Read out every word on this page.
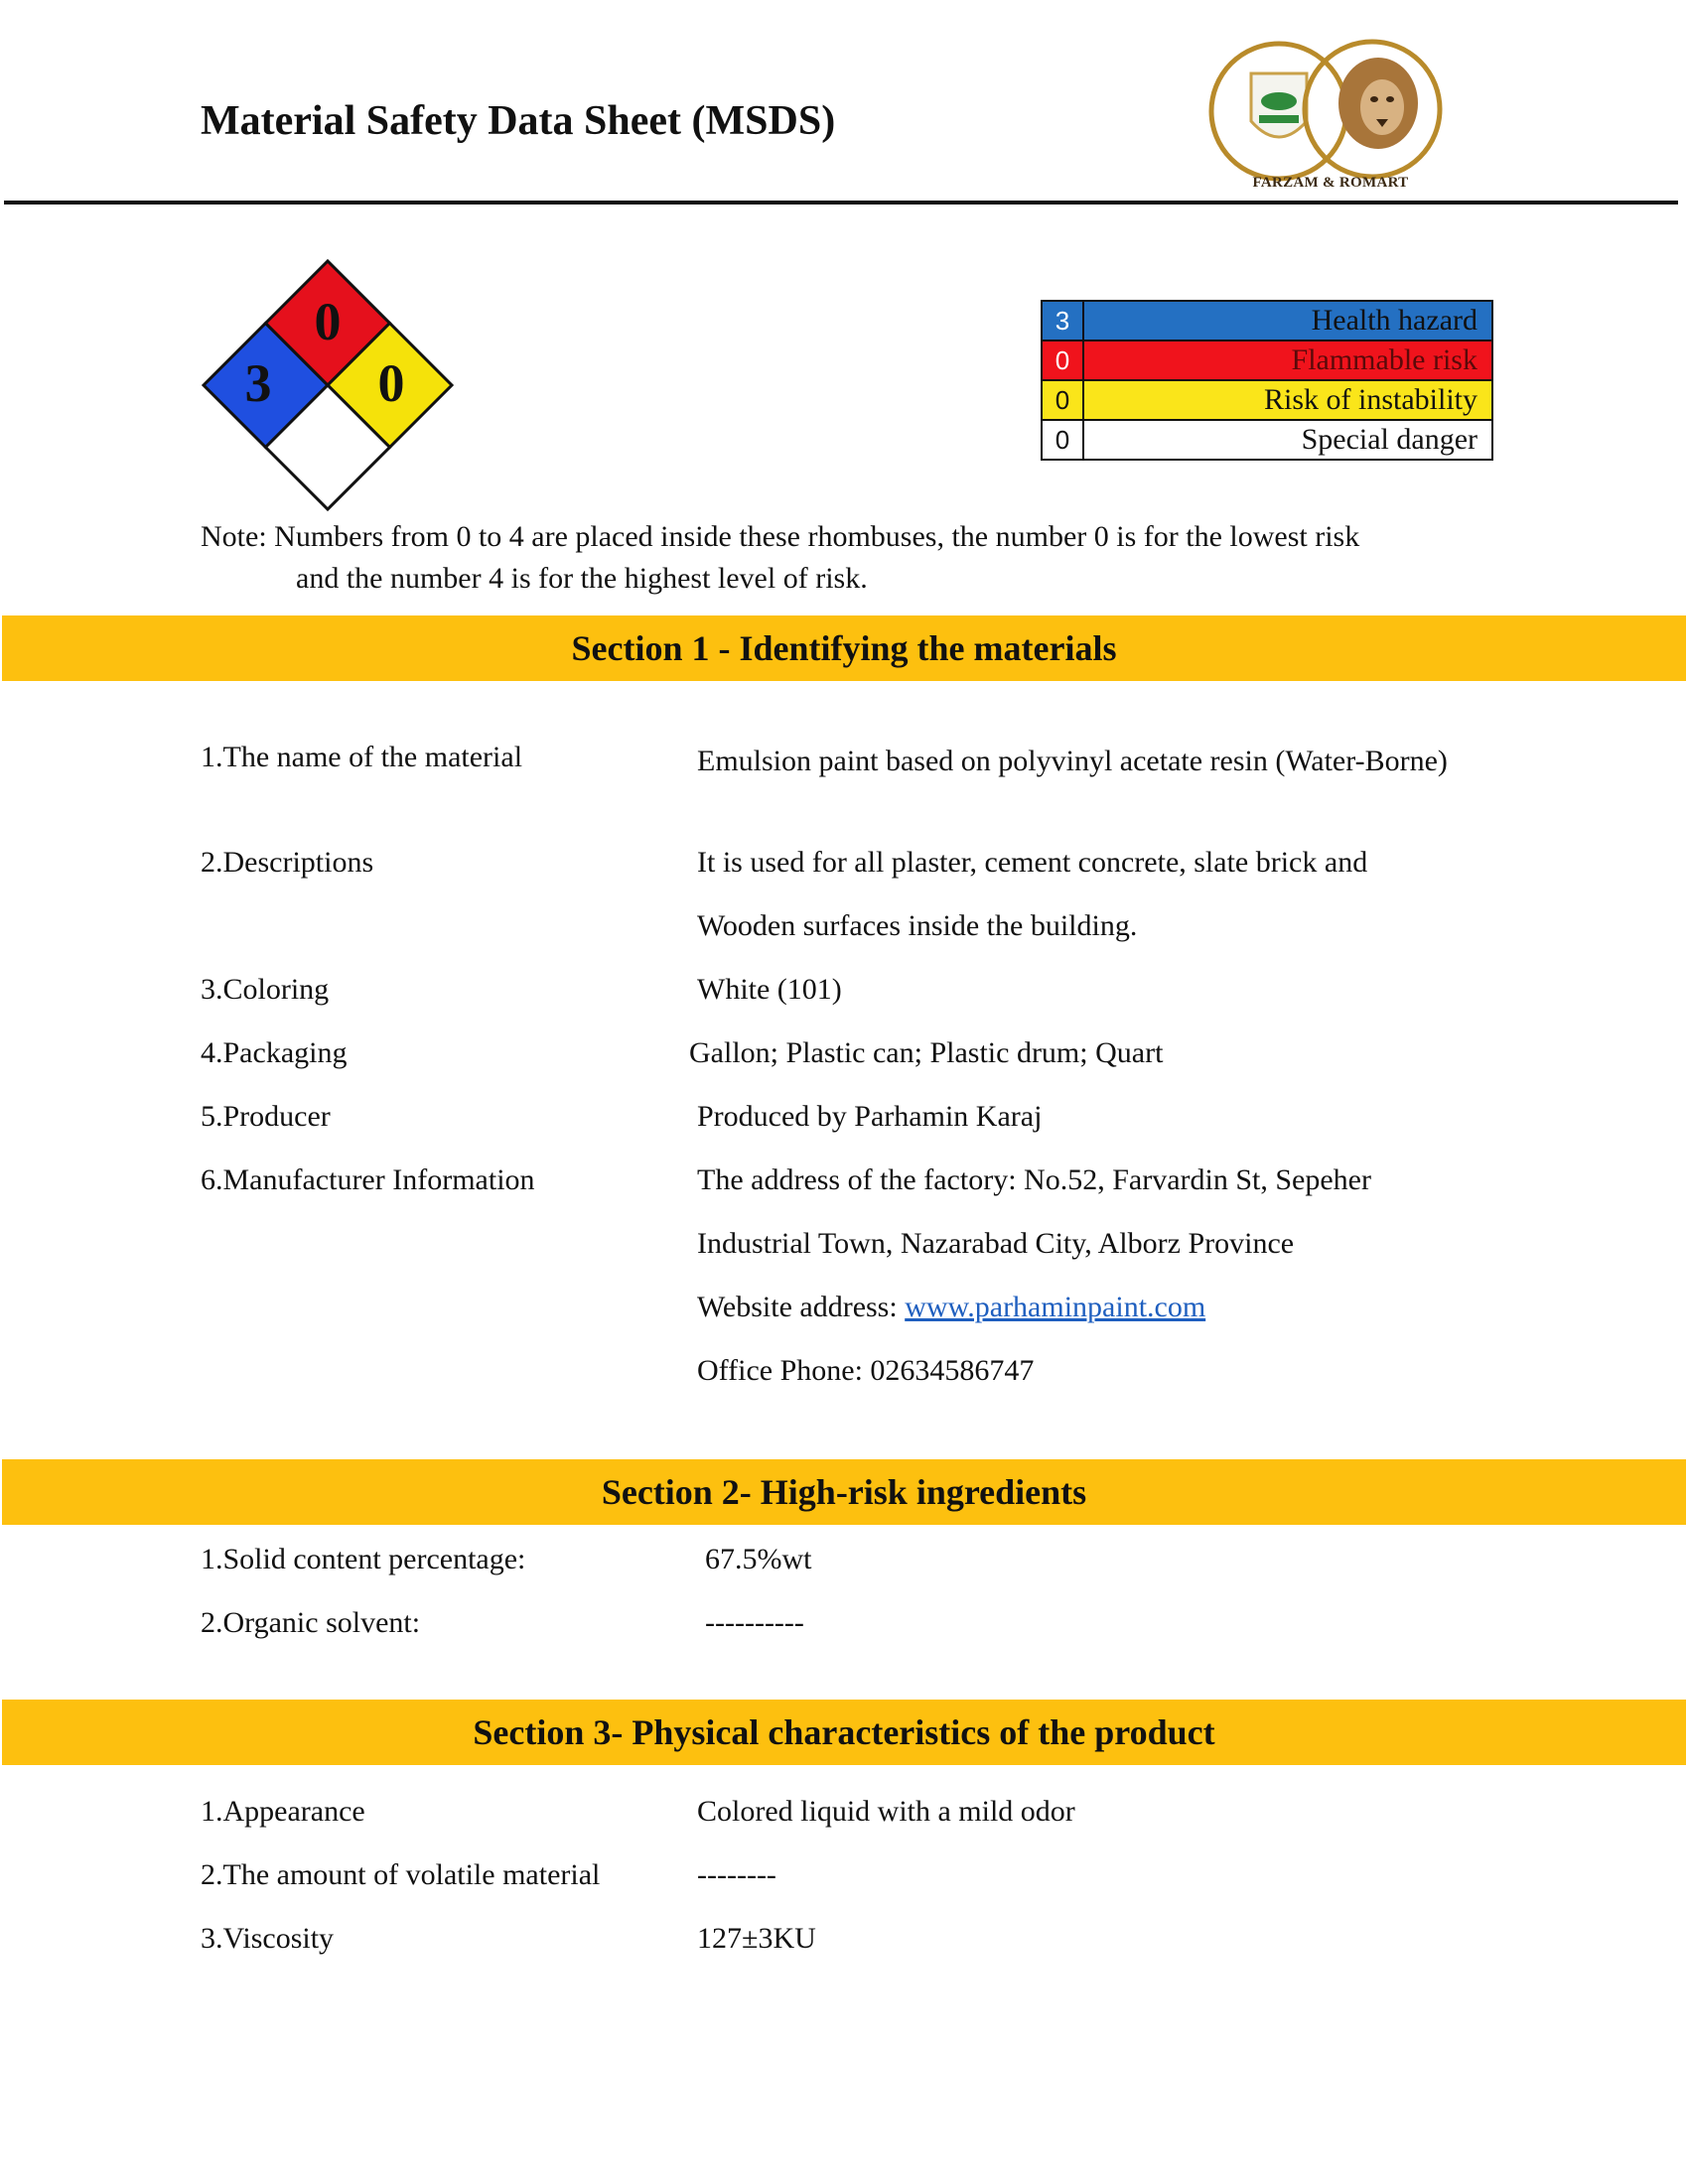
Material Safety Data Sheet (MSDS)
FARZAM & ROMART
3
0
0
3	Health hazard
0	Flammable risk
0	Risk of instability
0	Special danger
Note: Numbers from 0 to 4 are placed inside these rhombuses, the number 0 is for the lowest risk
and the number 4 is for the highest level of risk.
Section 1 - Identifying the materials
1.The name of the material	Emulsion paint based on polyvinyl acetate resin (Water-Borne)
2.Descriptions	It is used for all plaster, cement concrete, slate brick and
Wooden surfaces inside the building.
3.Coloring	White (101)
4.Packaging	Gallon; Plastic can; Plastic drum; Quart
5.Producer	Produced by Parhamin Karaj
6.Manufacturer Information	The address of the factory: No.52, Farvardin St, Sepeher
Industrial Town, Nazarabad City, Alborz Province
Website address: www.parhaminpaint.com
Office Phone: 02634586747
Section 2- High-risk ingredients
1.Solid content percentage:	67.5%wt
2.Organic solvent:	----------
Section 3- Physical characteristics of the product
1.Appearance	Colored liquid with a mild odor
2.The amount of volatile material	--------
3.Viscosity	127±3KU
